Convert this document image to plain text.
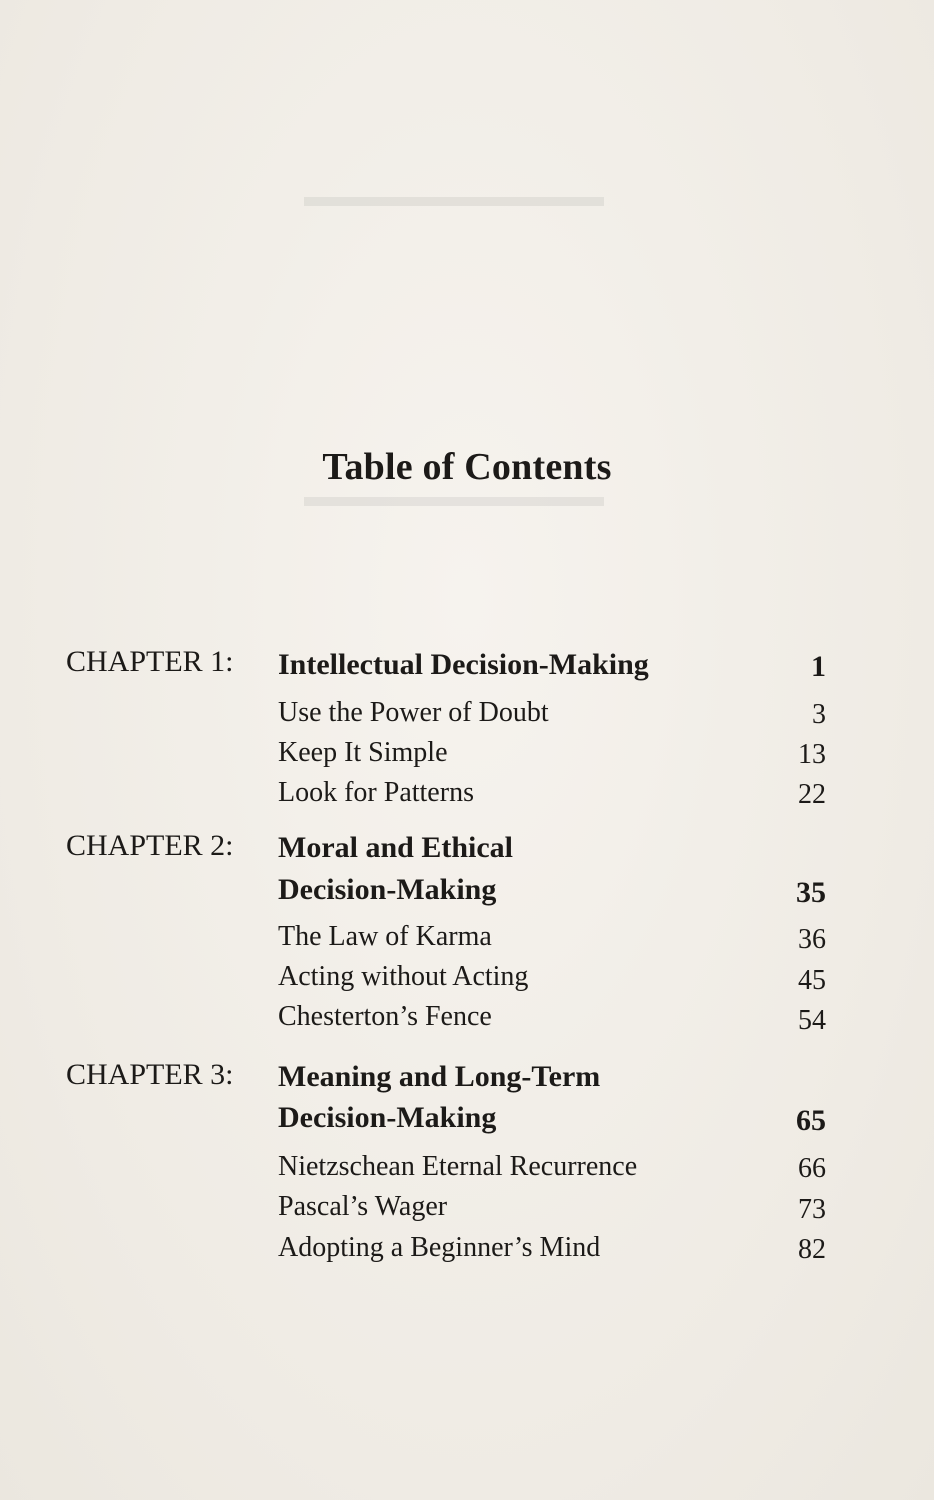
▬▬▬▬▬▬▬▬▬▬
▬▬▬▬▬▬▬▬▬▬
Table of Contents
CHAPTER 1: Intellectual Decision-Making	1
Use the Power of Doubt	3
Keep It Simple	13
Look for Patterns	22
CHAPTER 2: Moral and Ethical
Decision-Making	35
The Law of Karma	36
Acting without Acting	45
Chesterton’s Fence	54
CHAPTER 3: Meaning and Long-Term
Decision-Making	65
Nietzschean Eternal Recurrence	66
Pascal’s Wager	73
Adopting a Beginner’s Mind	82
